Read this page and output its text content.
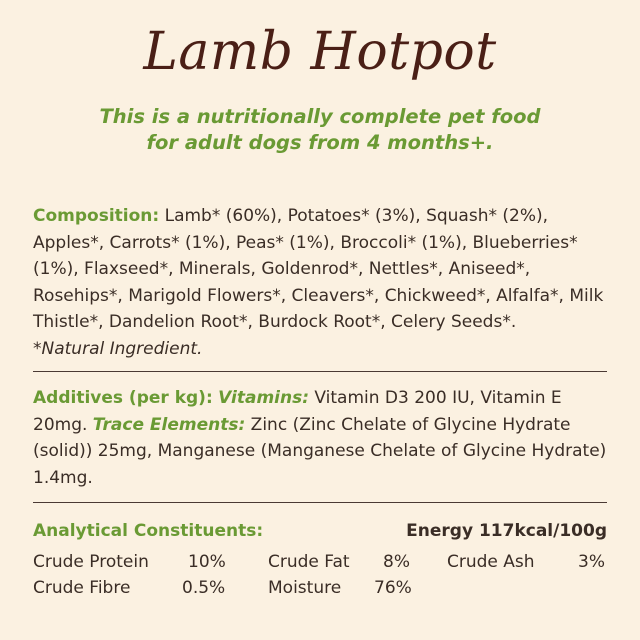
Lamb Hotpot
This is a nutritionally complete pet food
for adult dogs from 4 months+.
Composition: Lamb* (60%), Potatoes* (3%), Squash* (2%), Apples*, Carrots* (1%), Peas* (1%), Broccoli* (1%), Blueberries* (1%), Flaxseed*, Minerals, Goldenrod*, Nettles*, Aniseed*, Rosehips*, Marigold Flowers*, Cleavers*, Chickweed*, Alfalfa*, Milk Thistle*, Dandelion Root*, Burdock Root*, Celery Seeds*.
*Natural Ingredient.
Additives (per kg): Vitamins: Vitamin D3 200 IU, Vitamin E 20mg. Trace Elements: Zinc (Zinc Chelate of Glycine Hydrate (solid)) 25mg, Manganese (Manganese Chelate of Glycine Hydrate) 1.4mg.
Analytical Constituents:	Energy 117kcal/100g
Crude Protein 10% Crude Fat 8% Crude Ash	3%
Crude Fibre	0.5%	Moisture 76%
